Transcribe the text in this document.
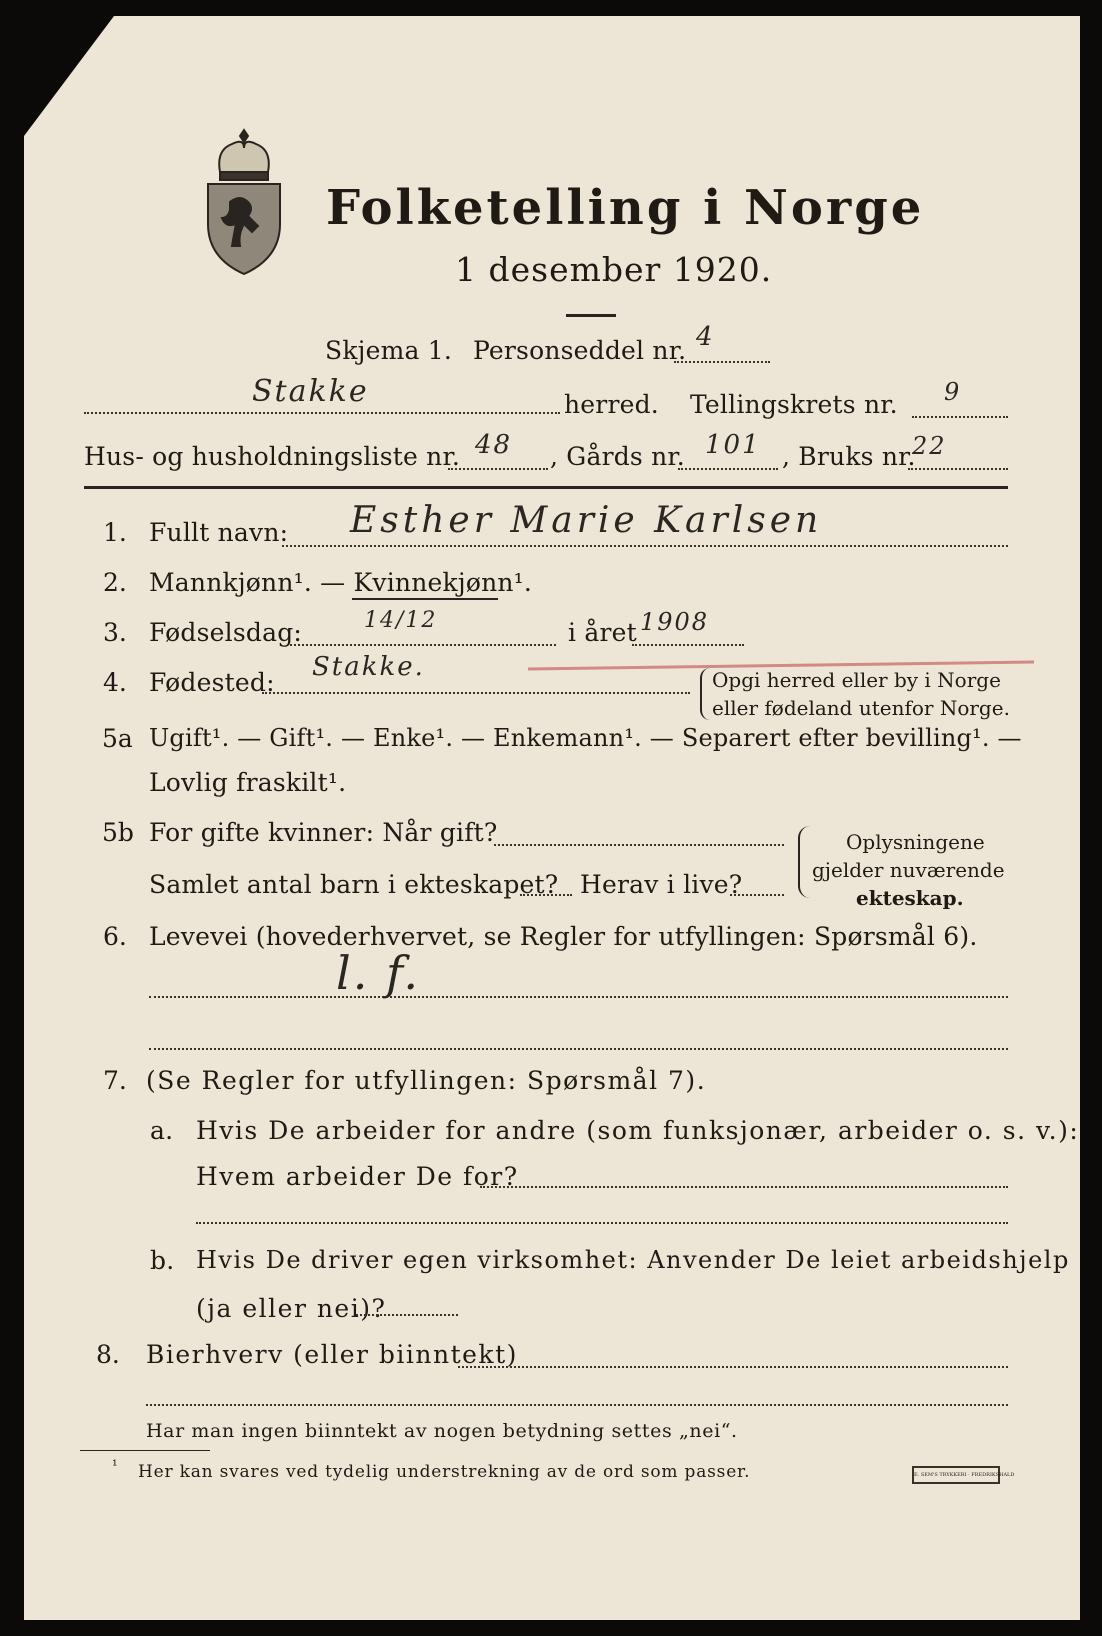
Folketelling i Norge
1 desember 1920.
Skjema 1. Personseddel nr. 4
Stakke	herred. Tellingskrets nr. 9
Hus- og husholdningsliste nr. 48 , Gårds nr. 101 , Bruks nr.
22
1. Fullt navn: Esther Marie Karlsen
2. Mannkjønn¹. — Kvinnekjønn¹.
3. Fødselsdag:	14/12	i året 1908
4. Fødested:
Stakke.	Opgi herred eller by i Norge
eller fødeland utenfor Norge.
5a Ugift¹. — Gift¹. — Enke¹. — Enkemann¹. — Separert efter bevilling¹. —
Lovlig fraskilt¹.
5b For gifte kvinner: Når gift?
Samlet antal barn i ekteskapet? Herav i live?
Oplysningene
gjelder nuværende
ekteskap.
6. Levevei (hovederhvervet, se Regler for utfyllingen: Spørsmål 6).
l. f.
7. (Se Regler for utfyllingen: Spørsmål 7).
a. Hvis De arbeider for andre (som funksjonær, arbeider o. s. v.):
Hvem arbeider De for?
b. Hvis De driver egen virksomhet: Anvender De leiet arbeidshjelp
(ja eller nei)?
8. Bierhverv (eller biinntekt)
Har man ingen biinntekt av nogen betydning settes „nei“.
¹ Her kan svares ved tydelig understrekning av de ord som passer.	E. SEM'S TRYKKERI · FREDRIKSHALD
